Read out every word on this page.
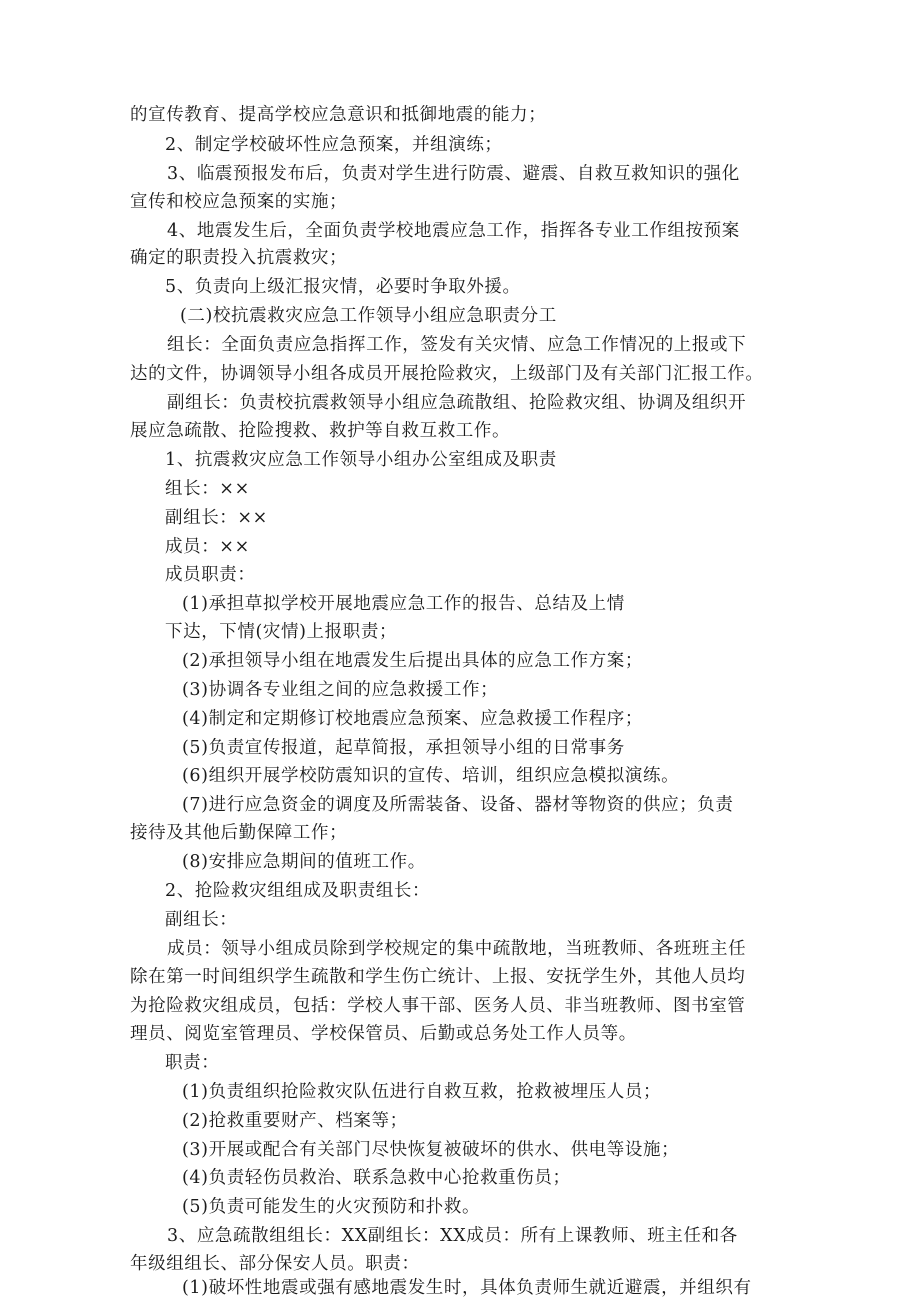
的宣传教育、提高学校应急意识和抵御地震的能力；
2、制定学校破坏性应急预案，并组演练；
3、临震预报发布后，负责对学生进行防震、避震、自救互救知识的强化
宣传和校应急预案的实施；
4、地震发生后，全面负责学校地震应急工作，指挥各专业工作组按预案
确定的职责投入抗震救灾；
5、负责向上级汇报灾情，必要时争取外援。
(二)校抗震救灾应急工作领导小组应急职责分工
组长：全面负责应急指挥工作，签发有关灾情、应急工作情况的上报或下
达的文件，协调领导小组各成员开展抢险救灾，上级部门及有关部门汇报工作。
副组长：负责校抗震救领导小组应急疏散组、抢险救灾组、协调及组织开
展应急疏散、抢险搜救、救护等自救互救工作。
1、抗震救灾应急工作领导小组办公室组成及职责
组长：××
副组长：××
成员：××
成员职责：
(1)承担草拟学校开展地震应急工作的报告、总结及上情
下达，下情(灾情)上报职责；
(2)承担领导小组在地震发生后提出具体的应急工作方案；
(3)协调各专业组之间的应急救援工作；
(4)制定和定期修订校地震应急预案、应急救援工作程序；
(5)负责宣传报道，起草简报，承担领导小组的日常事务
(6)组织开展学校防震知识的宣传、培训，组织应急模拟演练。
(7)进行应急资金的调度及所需装备、设备、器材等物资的供应；负责
接待及其他后勤保障工作；
(8)安排应急期间的值班工作。
2、抢险救灾组组成及职责组长：
副组长：
成员：领导小组成员除到学校规定的集中疏散地，当班教师、各班班主任
除在第一时间组织学生疏散和学生伤亡统计、上报、安抚学生外，其他人员均
为抢险救灾组成员，包括：学校人事干部、医务人员、非当班教师、图书室管
理员、阅览室管理员、学校保管员、后勤或总务处工作人员等。
职责：
(1)负责组织抢险救灾队伍进行自救互救，抢救被埋压人员；
(2)抢救重要财产、档案等；
(3)开展或配合有关部门尽快恢复被破坏的供水、供电等设施；
(4)负责轻伤员救治、联系急救中心抢救重伤员；
(5)负责可能发生的火灾预防和扑救。
3、应急疏散组组长：XX副组长：XX成员：所有上课教师、班主任和各
年级组组长、部分保安人员。职责：
(1)破坏性地震或强有感地震发生时，具体负责师生就近避震，并组织有
